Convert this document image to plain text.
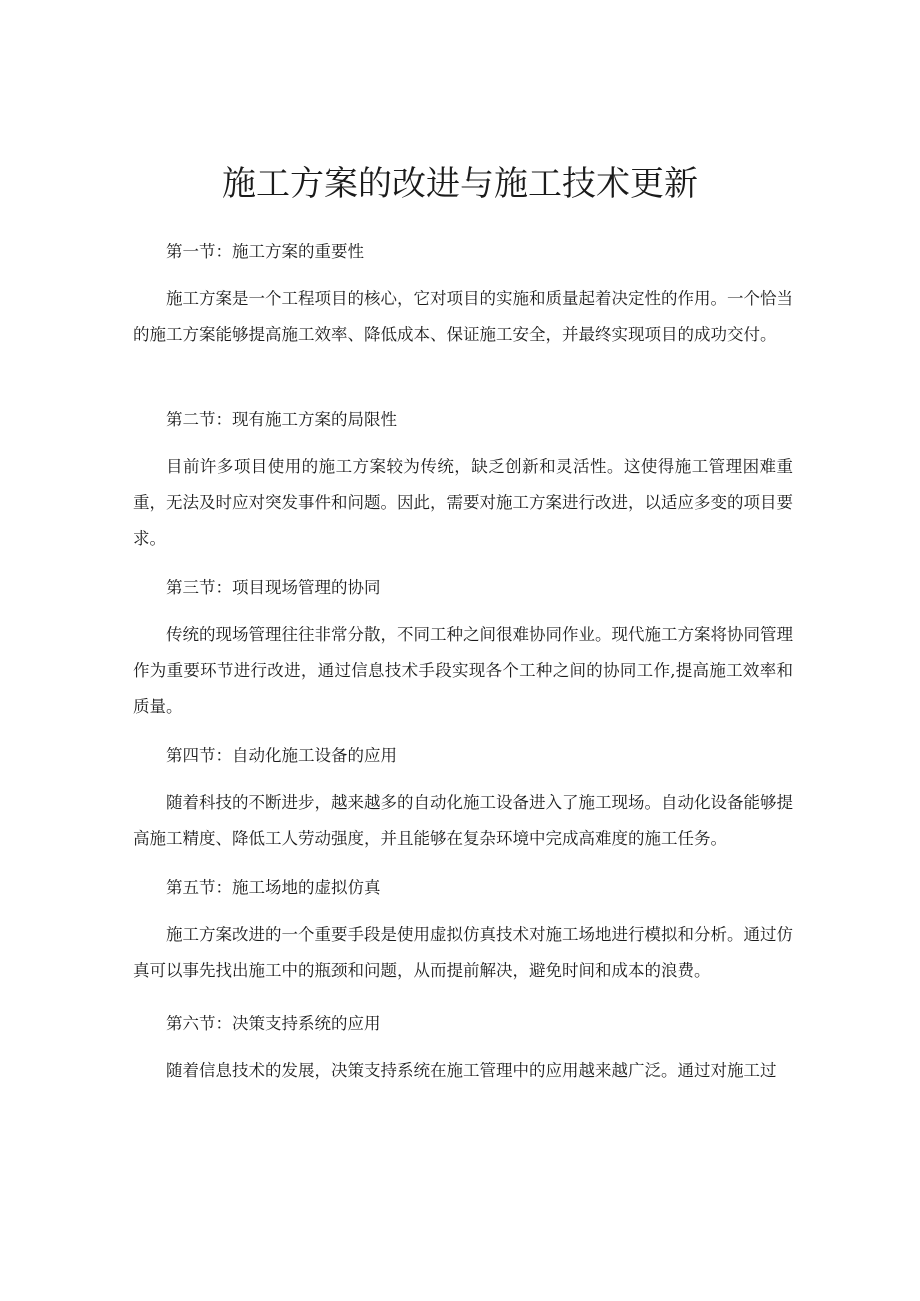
施工方案的改进与施工技术更新
第一节：施工方案的重要性

施工方案是一个工程项目的核心，它对项目的实施和质量起着决定性的作用。一个恰当的施工方案能够提高施工效率、降低成本、保证施工安全，并最终实现项目的成功交付。

第二节：现有施工方案的局限性

目前许多项目使用的施工方案较为传统，缺乏创新和灵活性。这使得施工管理困难重重，无法及时应对突发事件和问题。因此，需要对施工方案进行改进，以适应多变的项目要求。

第三节：项目现场管理的协同

传统的现场管理往往非常分散，不同工种之间很难协同作业。现代施工方案将协同管理作为重要环节进行改进，通过信息技术手段实现各个工种之间的协同工作,提高施工效率和质量。

第四节：自动化施工设备的应用

随着科技的不断进步，越来越多的自动化施工设备进入了施工现场。自动化设备能够提高施工精度、降低工人劳动强度，并且能够在复杂环境中完成高难度的施工任务。

第五节：施工场地的虚拟仿真

施工方案改进的一个重要手段是使用虚拟仿真技术对施工场地进行模拟和分析。通过仿真可以事先找出施工中的瓶颈和问题，从而提前解决，避免时间和成本的浪费。

第六节：决策支持系统的应用

随着信息技术的发展，决策支持系统在施工管理中的应用越来越广泛。通过对施工过
